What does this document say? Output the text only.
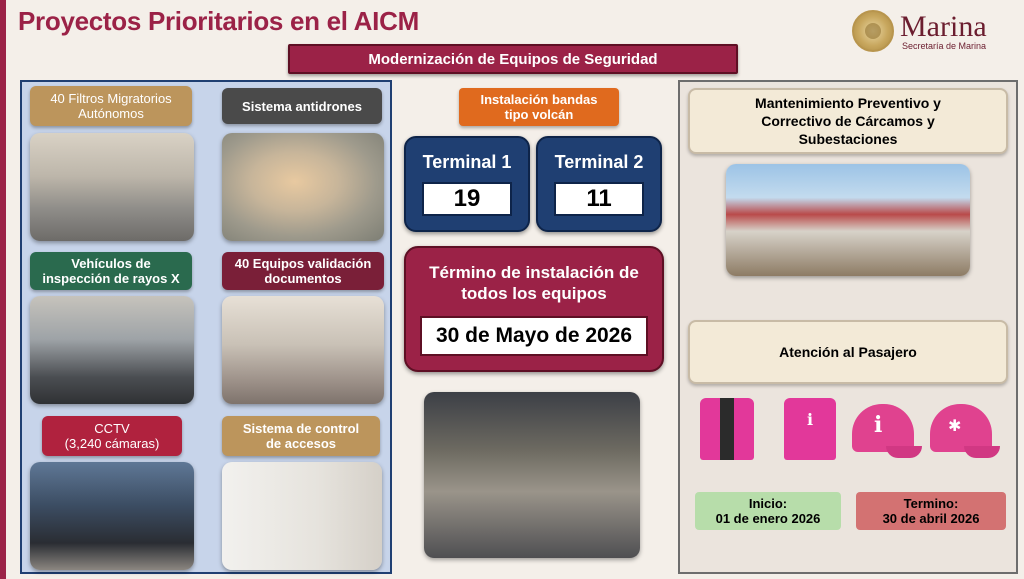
Proyectos Prioritarios en el AICM	Marina
Secretaría de Marina
Modernización de Equipos de Seguridad
40 Filtros Migratorios
Autónomos	Sistema antidrones
Vehículos de
inspección de rayos X
40 Equipos validación
documentos
CCTV
(3,240 cámaras)
Sistema de control
de accesos
Instalación bandas
tipo volcán
Terminal 1
19
Terminal 2
11
Término de instalación de
todos los equipos
30 de Mayo de 2026
Mantenimiento Preventivo y
Correctivo de Cárcamos y
Subestaciones
Atención al Pasajero
i
i	✱
Inicio:
01 de enero 2026
Termino:
30 de abril 2026
